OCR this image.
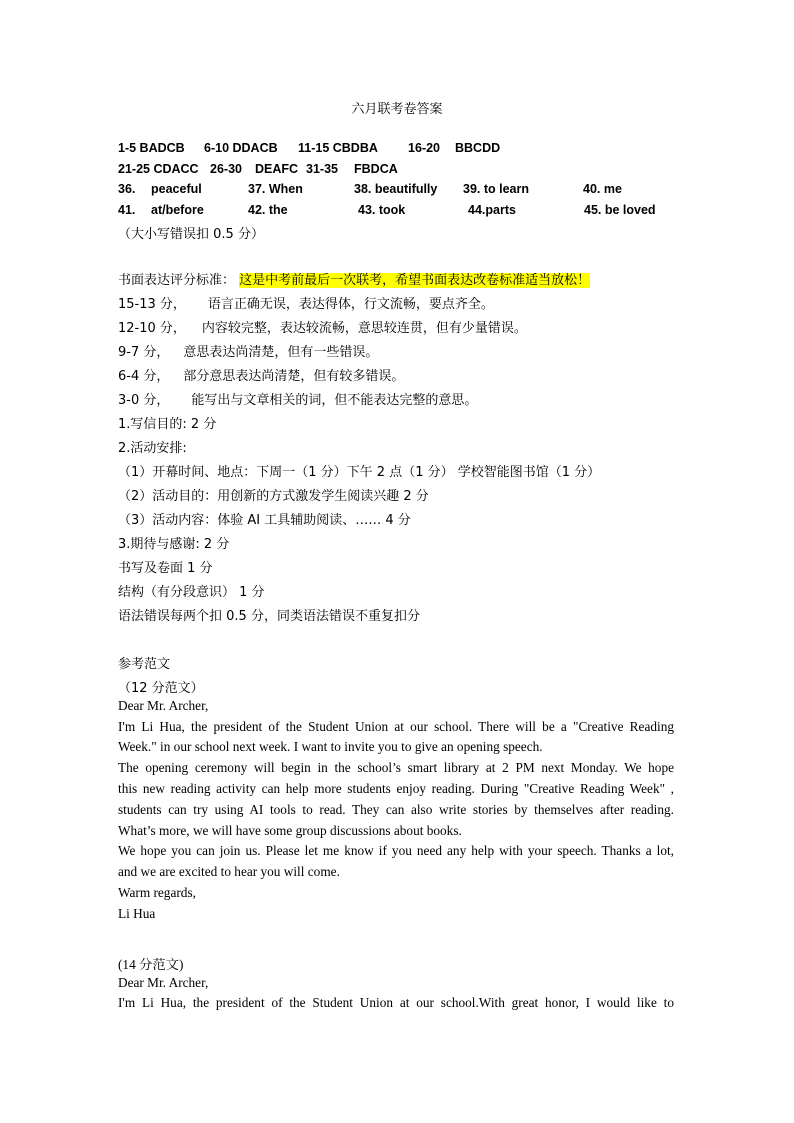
六月联考卷答案
1-5 BADCB 6-10 DDACB 11-15 CBDBA 16-20 BBCDD
21-25 CDACC 26-30 DEAFC 31-35 FBDCA
36. peaceful	37. When	38. beautifully 39. to learn	40. me
41. at/before	42. the	43. took	44.parts	45. be loved
（大小写错误扣 0.5 分）
书面表达评分标准： 这是中考前最后一次联考，希望书面表达改卷标准适当放松！
15-13 分， 语言正确无误，表达得体，行文流畅，要点齐全。
12-10 分， 内容较完整，表达较流畅，意思较连贯，但有少量错误。
9-7 分， 意思表达尚清楚，但有一些错误。
6-4 分， 部分意思表达尚清楚，但有较多错误。
3-0 分， 能写出与文章相关的词，但不能表达完整的意思。
1.写信目的: 2 分
2.活动安排:
（1）开幕时间、地点：下周一（1 分）下午 2 点（1 分） 学校智能图书馆（1 分）
（2）活动目的：用创新的方式激发学生阅读兴趣 2 分
（3）活动内容：体验 AI 工具辅助阅读、…… 4 分
3.期待与感谢: 2 分
书写及卷面 1 分
结构（有分段意识） 1 分
语法错误每两个扣 0.5 分，同类语法错误不重复扣分
参考范文
（12 分范文）
Dear Mr. Archer,
I'm Li Hua, the president of the Student Union at our school. There will be a "Creative Reading
Week." in our school next week. I want to invite you to give an opening speech.
The opening ceremony will begin in the school’s smart library at 2 PM next Monday. We hope
this new reading activity can help more students enjoy reading. During "Creative Reading Week" ,
students can try using AI tools to read. They can also write stories by themselves after reading.
What’s more, we will have some group discussions about books.
We hope you can join us. Please let me know if you need any help with your speech. Thanks a lot,
and we are excited to hear you will come.
Warm regards,
Li Hua
(14 分范文)
Dear Mr. Archer,
I'm Li Hua, the president of the Student Union at our school.With great honor, I would like to
